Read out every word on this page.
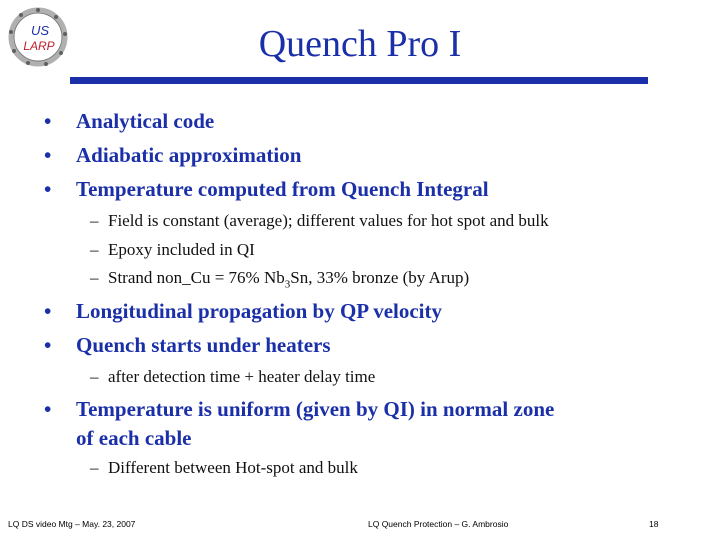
US
LARP	Quench Pro I
• Analytical code
• Adiabatic approximation
• Temperature computed from Quench Integral
– Field is constant (average); different values for hot spot and bulk
– Epoxy included in QI
– Strand non_Cu = 76% $Nb_3Sn$, 33% bronze (by Arup)
• Longitudinal propagation by QP velocity
• Quench starts under heaters
– after detection time + heater delay time
• Temperature is uniform (given by QI) in normal zone
of each cable
– Different between Hot-spot and bulk
LQ DS video Mtg – May. 23, 2007	LQ Quench Protection – G. Ambrosio	18
